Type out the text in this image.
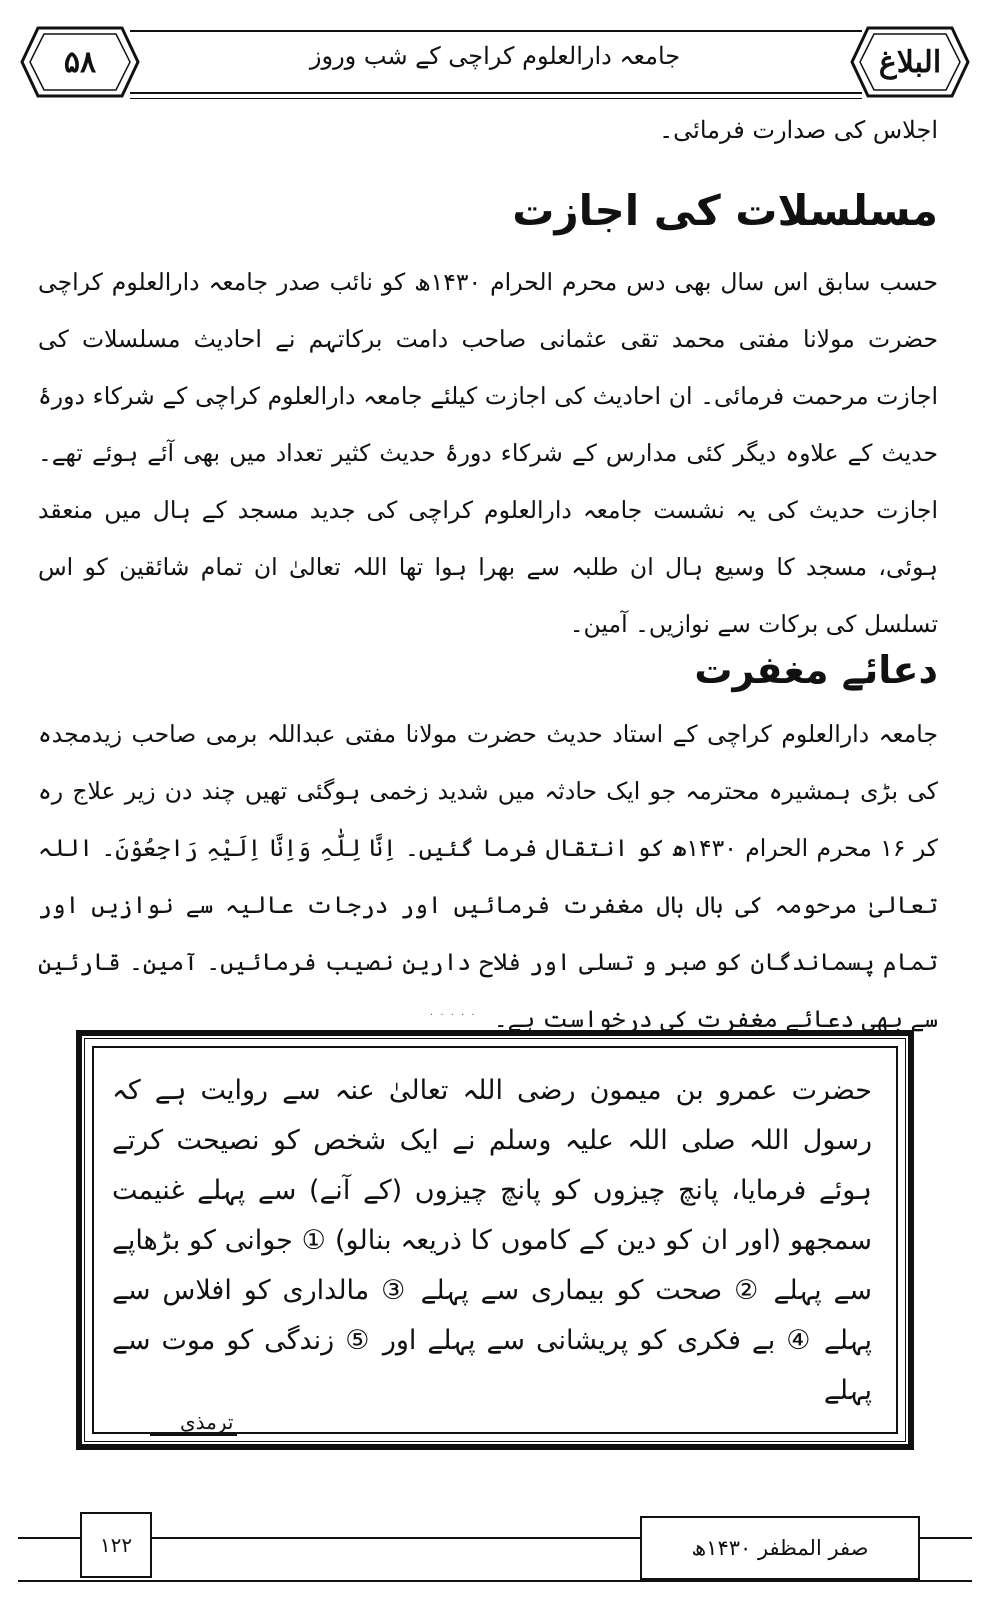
۵۸	جامعہ دارالعلوم کراچی کے شب وروز	البلاغ
اجلاس کی صدارت فرمائی۔
مسلسلات کی اجازت
حسب سابق اس سال بھی دس محرم الحرام ۱۴۳۰ھ کو نائب صدر جامعہ دارالعلوم کراچی حضرت مولانا مفتی محمد تقی عثمانی صاحب دامت برکاتہم نے احادیث مسلسلات کی اجازت مرحمت فرمائی۔ ان احادیث کی اجازت کیلئے جامعہ دارالعلوم کراچی کے شرکاء دورۂ حدیث کے علاوہ دیگر کئی مدارس کے شرکاء دورۂ حدیث کثیر تعداد میں بھی آئے ہوئے تھے۔ اجازت حدیث کی یہ نشست جامعہ دارالعلوم کراچی کی جدید مسجد کے ہال میں منعقد ہوئی، مسجد کا وسیع ہال ان طلبہ سے بھرا ہوا تھا اللہ تعالیٰ ان تمام شائقین کو اس تسلسل کی برکات سے نوازیں۔ آمین۔
دعائے مغفرت
جامعہ دارالعلوم کراچی کے استاد حدیث حضرت مولانا مفتی عبداللہ برمی صاحب زیدمجدہ کی بڑی ہمشیرہ محترمہ جو ایک حادثہ میں شدید زخمی ہوگئی تھیں چند دن زیر علاج رہ کر ۱۶ محرم الحرام ۱۴۳۰ھ کو انتقال فرما گئیں۔ اِنَّا لِلّٰہِ وَاِنَّا اِلَیْہِ رَاجِعُوْنَ۔ اللہ تعالیٰ مرحومہ کی بال بال مغفرت فرمائیں اور درجات عالیہ سے نوازیں اور تمام پسماندگان کو صبر و تسلی اور فلاح دارین نصیب فرمائیں۔ آمین۔ قارئین سے بھی دعائے مغفرت کی درخواست ہے۔
· · · · ·
حضرت عمرو بن میمون رضی اللہ تعالیٰ عنہ سے روایت ہے کہ رسول اللہ صلی اللہ علیہ وسلم نے ایک شخص کو نصیحت کرتے ہوئے فرمایا، پانچ چیزوں کو پانچ چیزوں (کے آنے) سے پہلے غنیمت سمجھو (اور ان کو دین کے کاموں کا ذریعہ بنالو) ① جوانی کو بڑھاپے سے پہلے ② صحت کو بیماری سے پہلے ③ مالداری کو افلاس سے پہلے ④ بے فکری کو پریشانی سے پہلے اور ⑤ زندگی کو موت سے پہلے
ترمذی
۱۲۲	صفر المظفر ۱۴۳۰ھ
